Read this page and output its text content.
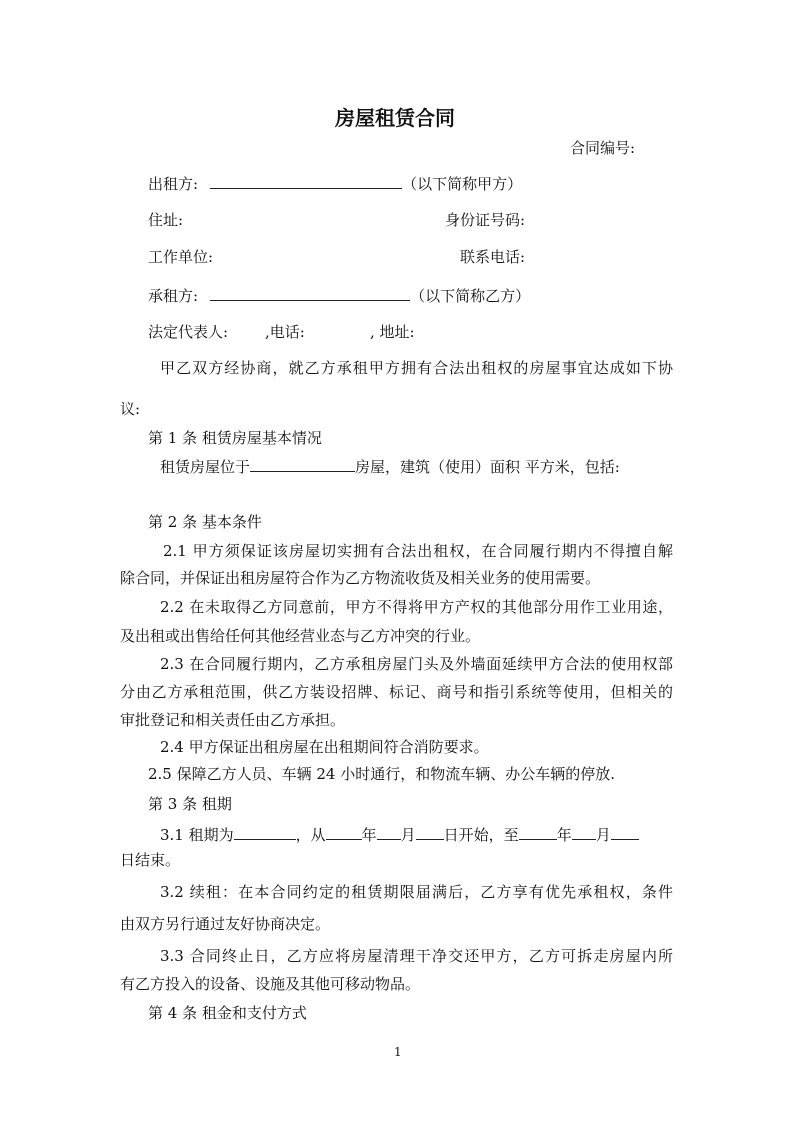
房屋租赁合同
合同编号:
出租方:	（以下简称甲方）
住址:	身份证号码:
工作单位:	联系电话:
承租方:	（以下简称乙方）
法定代表人: ,电话:	, 地址:
甲乙双方经协商，就乙方承租甲方拥有合法出租权的房屋事宜达成如下协
议:
第 1 条 租赁房屋基本情况
租赁房屋位于	房屋，建筑（使用）面积 平方米，包括:
第 2 条 基本条件
2.1 甲方须保证该房屋切实拥有合法出租权，在合同履行期内不得擅自解
除合同，并保证出租房屋符合作为乙方物流收货及相关业务的使用需要。
2.2 在未取得乙方同意前，甲方不得将甲方产权的其他部分用作工业用途，
及出租或出售给任何其他经营业态与乙方冲突的行业。
2.3 在合同履行期内，乙方承租房屋门头及外墙面延续甲方合法的使用权部
分由乙方承租范围，供乙方装设招牌、标记、商号和指引系统等使用，但相关的
审批登记和相关责任由乙方承担。
2.4 甲方保证出租房屋在出租期间符合消防要求。
2.5 保障乙方人员、车辆 24 小时通行，和物流车辆、办公车辆的停放.
第 3 条 租期
3.1 租期为	，从 年 月 日开始，至	年 月
日结束。
3.2 续租：在本合同约定的租赁期限届满后，乙方享有优先承租权，条件
由双方另行通过友好协商决定。
3.3 合同终止日，乙方应将房屋清理干净交还甲方，乙方可拆走房屋内所
有乙方投入的设备、设施及其他可移动物品。
第 4 条 租金和支付方式
1
